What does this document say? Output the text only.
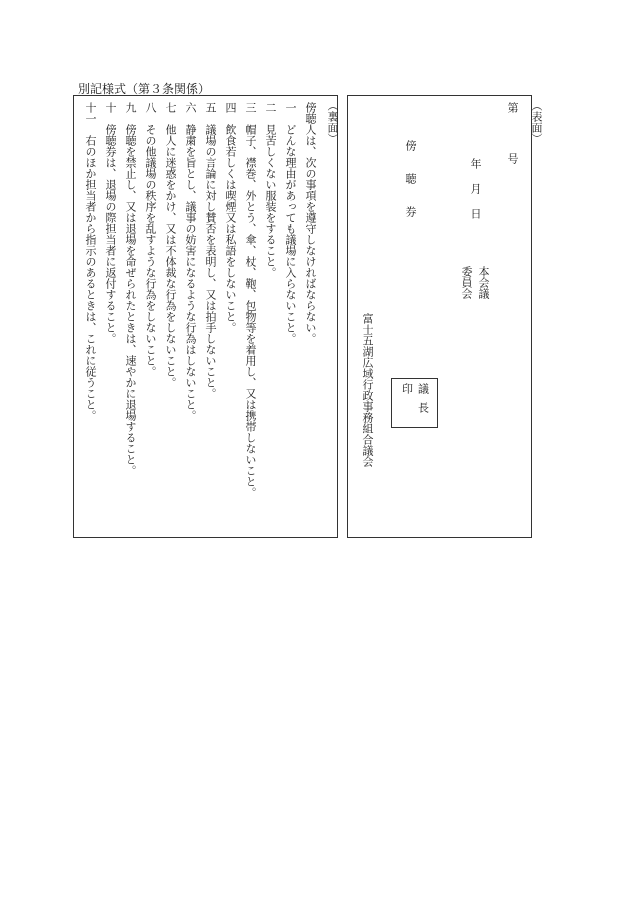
別記様式（第３条関係）
（裏面）
傍聴人は、次の事項を遵守しなければならない。
一　どんな理由があっても議場に入らないこと。
二　見苦しくない服装をすること。
三　帽子、襟巻、外とう、傘、杖、鞄、包物等を着用し、又は携帯しないこと。
四　飲食若しくは喫煙又は私語をしないこと。
五　議場の言論に対し賛否を表明し、又は拍手しないこと。
六　静粛を旨とし、議事の妨害になるような行為はしないこと。
七　他人に迷惑をかけ、又は不体裁な行為をしないこと。
八　その他議場の秩序を乱すような行為をしないこと。
九　傍聴を禁止し、又は退場を命ぜられたときは、速やかに退場すること。
十　傍聴券は、退場の際担当者に返付すること。
十一　右のほか担当者から指示のあるときは、これに従うこと。	（表面）
第　　号
年月日
本会議
委員会
傍聴券
富士五湖広域行政事務組合議会	議長印
